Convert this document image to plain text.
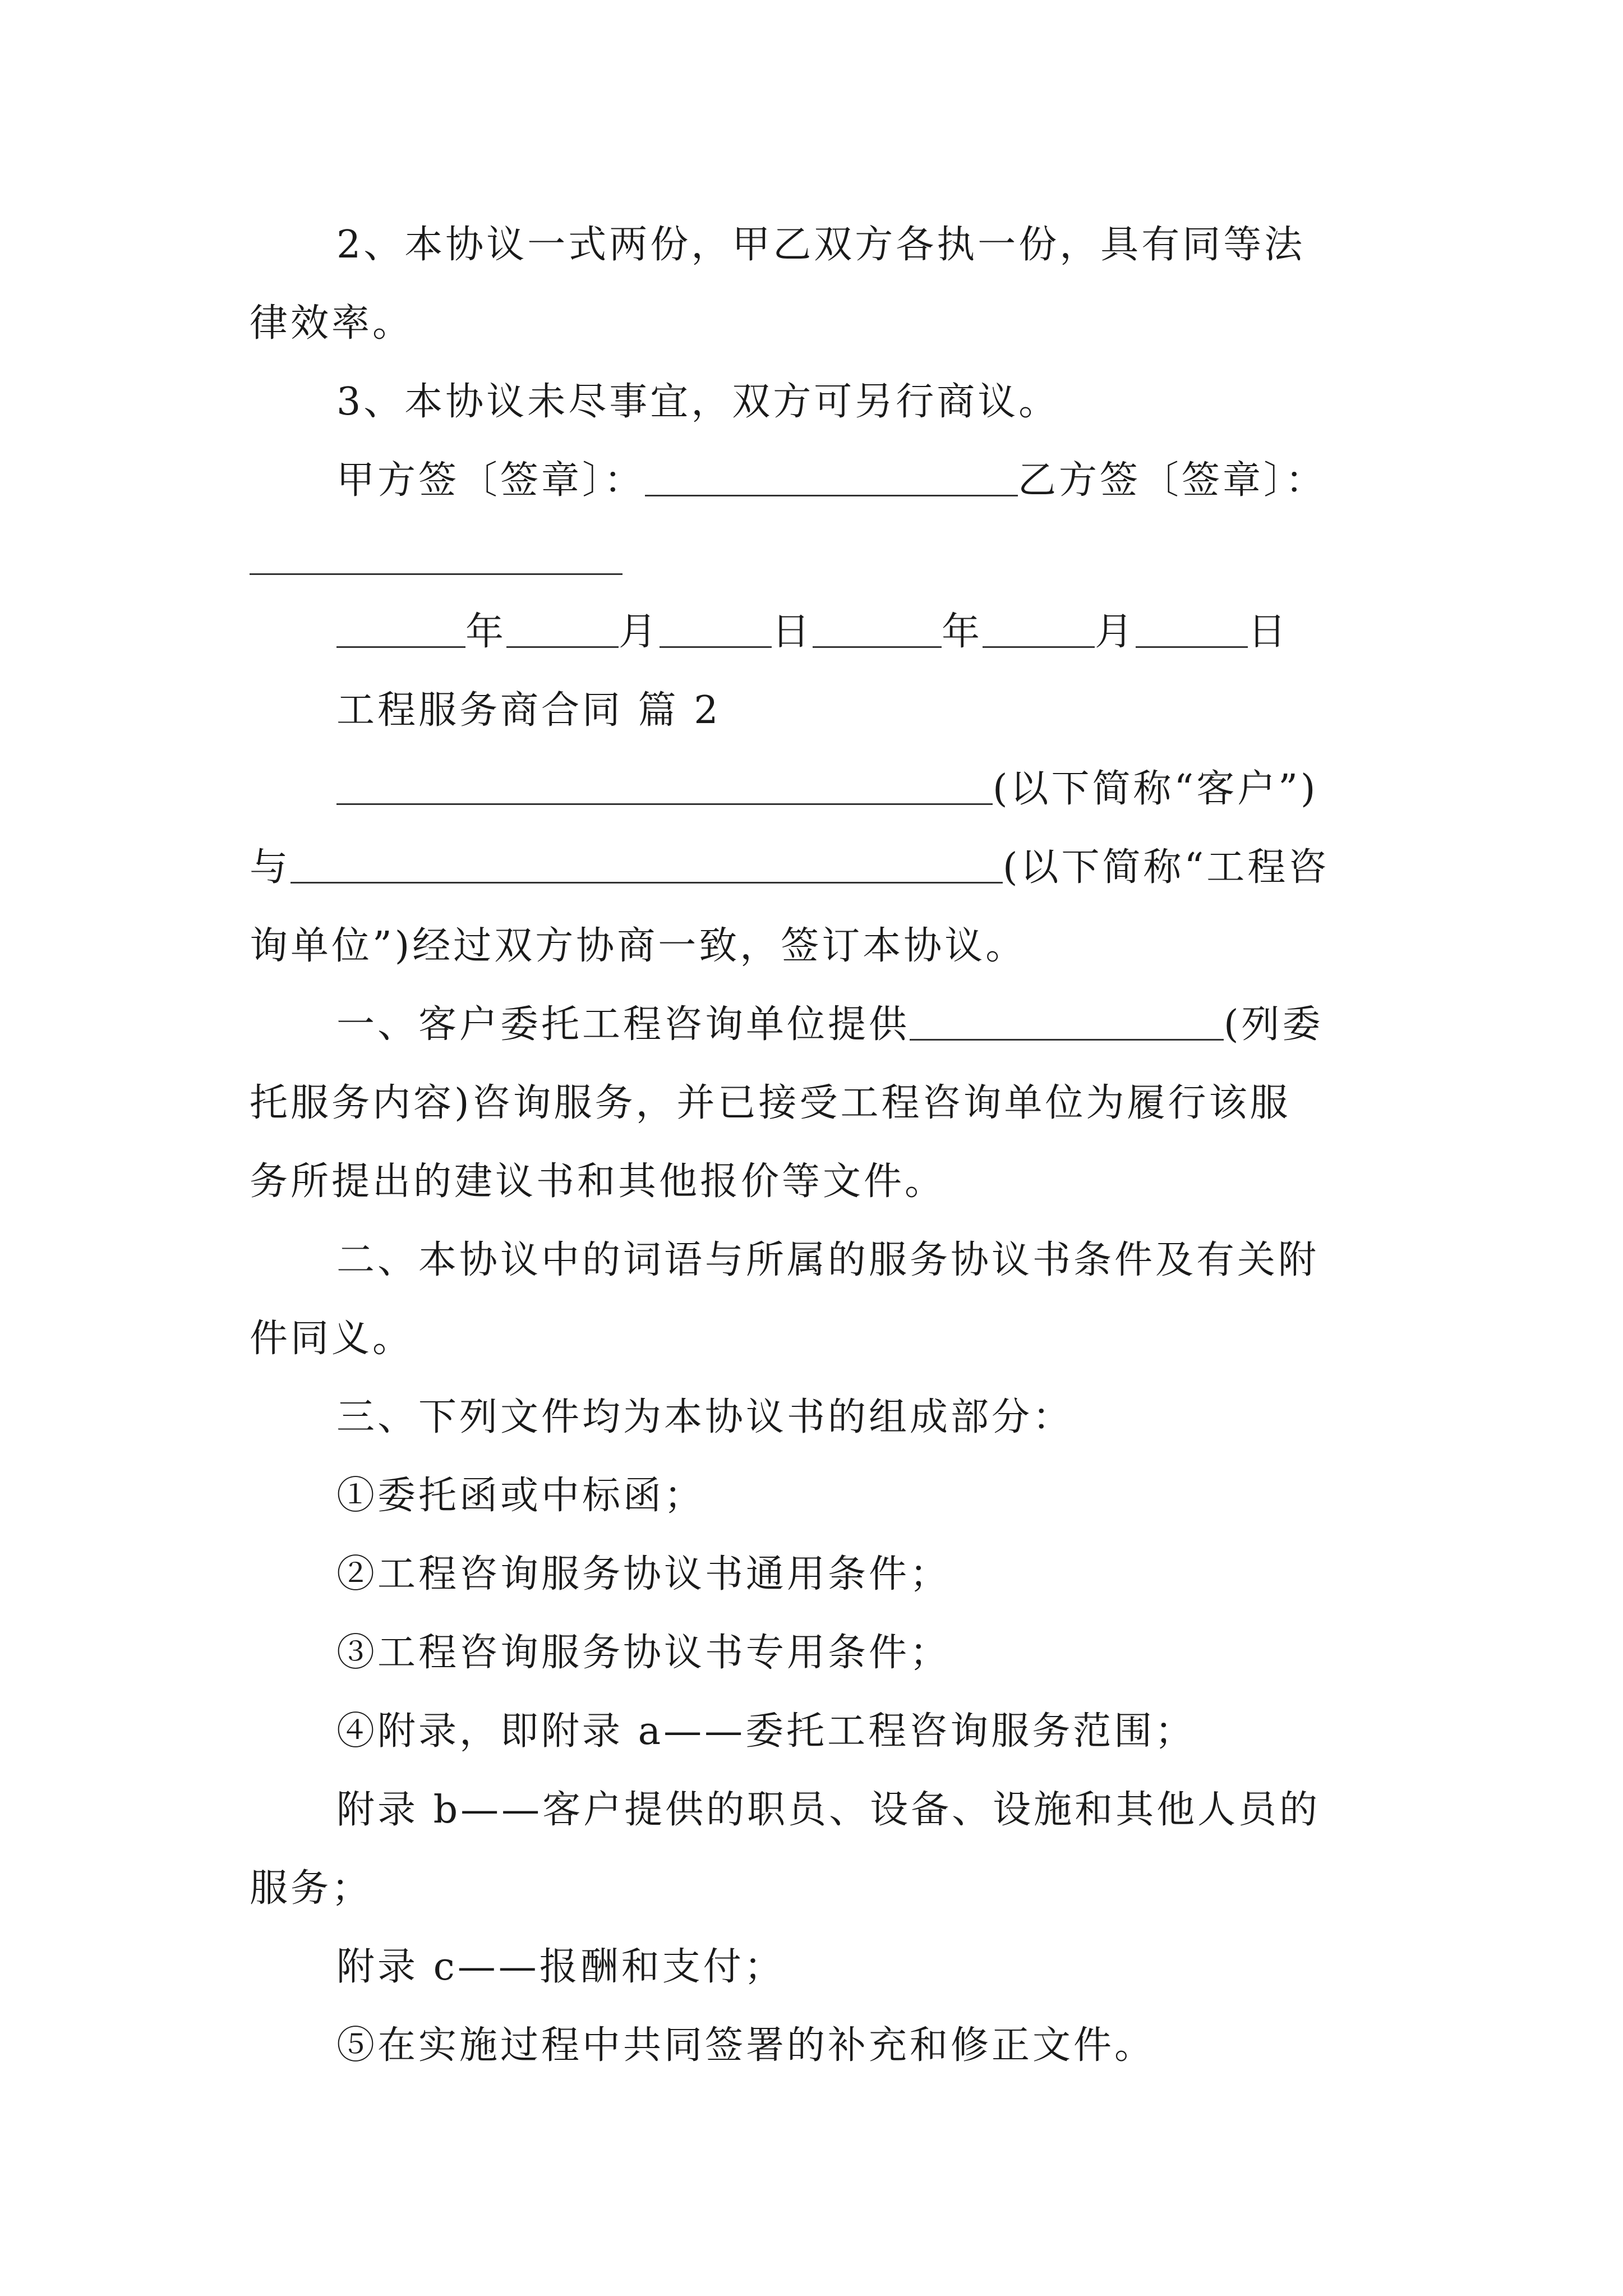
2、本协议一式两份，甲乙双方各执一份，具有同等法
律效率。
3、本协议未尽事宜，双方可另行商议。
甲方签〔签章〕：	乙方签〔签章〕：
年	月	日	年	月	日
工程服务商合同 篇 2
(以下简称“客户”)
与	(以下简称“工程咨
询单位”)经过双方协商一致，签订本协议。
一、客户委托工程咨询单位提供	(列委
托服务内容)咨询服务，并已接受工程咨询单位为履行该服
务所提出的建议书和其他报价等文件。
二、本协议中的词语与所属的服务协议书条件及有关附
件同义。
三、下列文件均为本协议书的组成部分：
①委托函或中标函；
②工程咨询服务协议书通用条件；
③工程咨询服务协议书专用条件；
④附录，即附录 a——委托工程咨询服务范围；
附录 b——客户提供的职员、设备、设施和其他人员的
服务；
附录 c——报酬和支付；
⑤在实施过程中共同签署的补充和修正文件。
